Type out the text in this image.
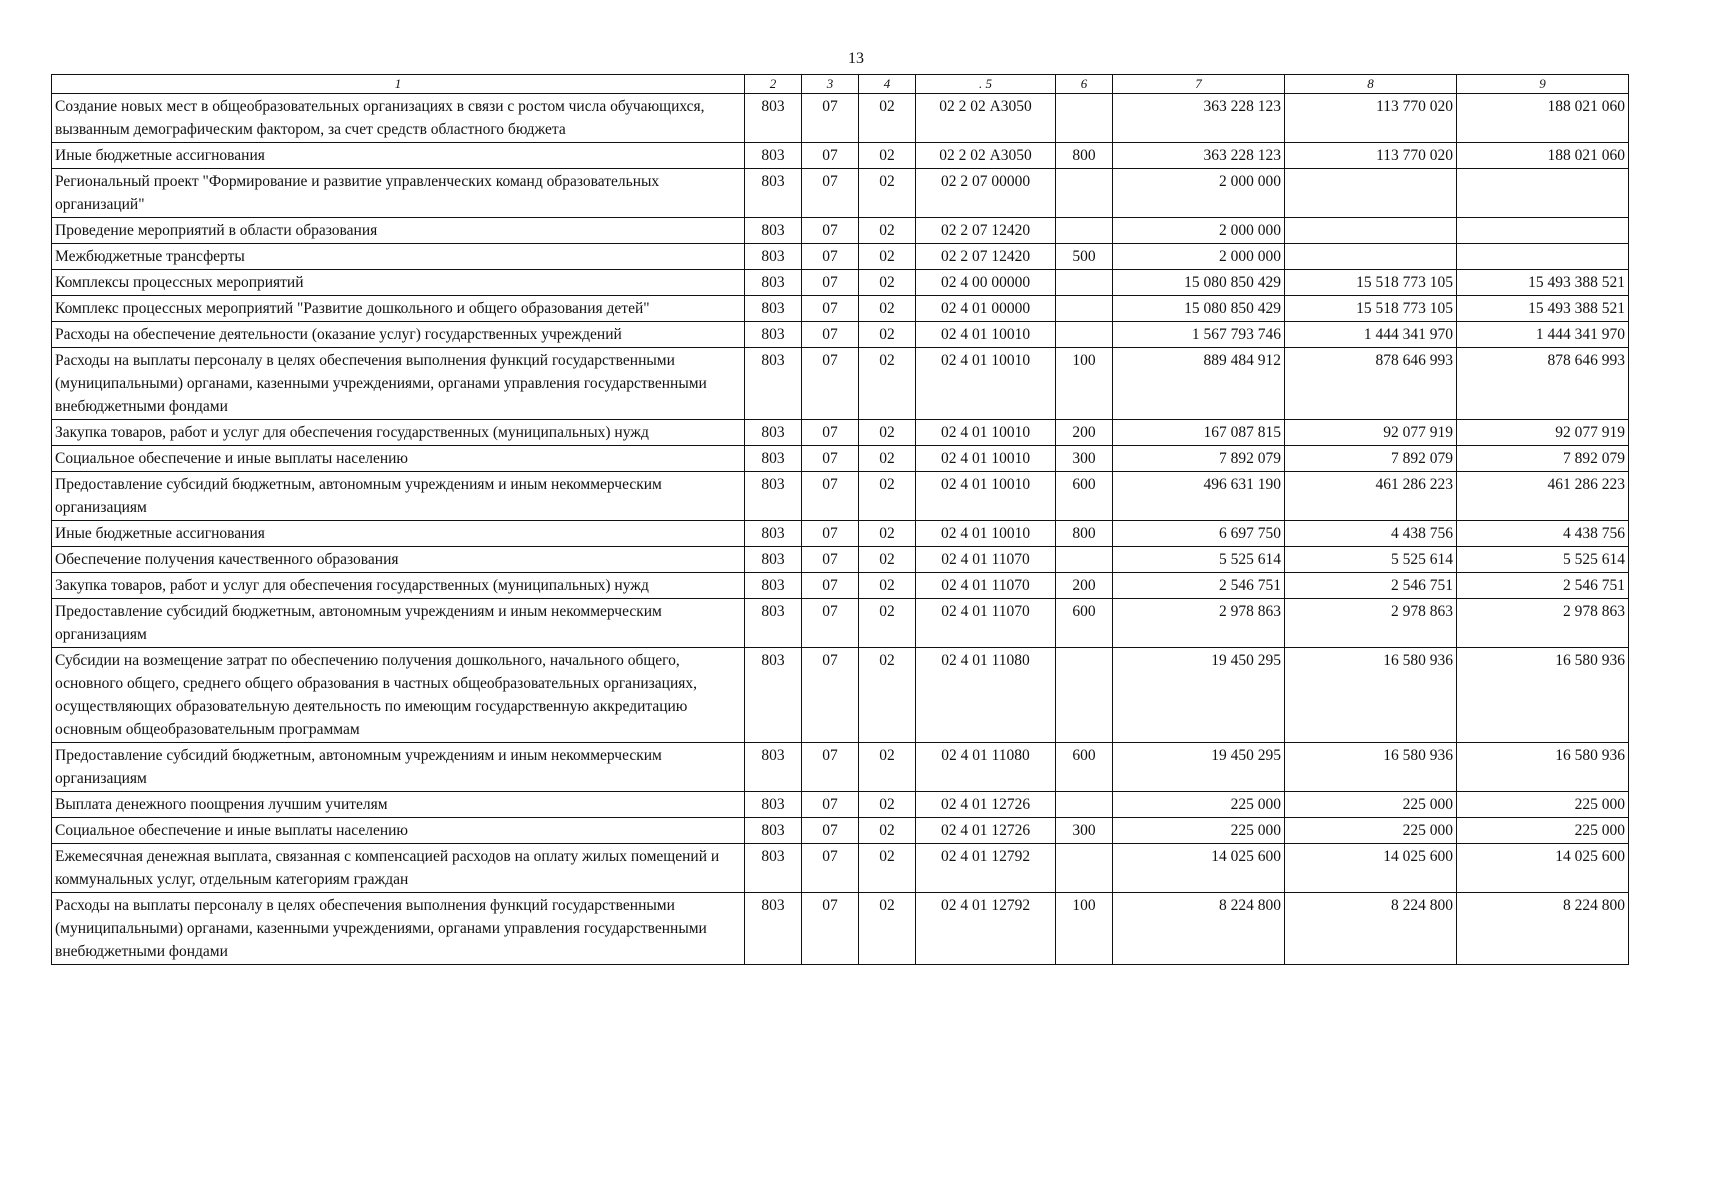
13
1	2	3	4	. 5	6	7	8	9
Создание новых мест в общеобразовательных организациях в связи с ростом числа обучающихся, вызванным демографическим фактором, за счет средств областного бюджета	803	07	02	02 2 02 А3050		363 228 123	113 770 020	188 021 060
Иные бюджетные ассигнования	803	07	02	02 2 02 А3050	800	363 228 123	113 770 020	188 021 060
Региональный проект "Формирование и развитие управленческих команд образовательных организаций"	803	07	02	02 2 07 00000		2 000 000		
Проведение мероприятий в области образования	803	07	02	02 2 07 12420		2 000 000		
Межбюджетные трансферты	803	07	02	02 2 07 12420	500	2 000 000		
Комплексы процессных мероприятий	803	07	02	02 4 00 00000		15 080 850 429	15 518 773 105	15 493 388 521
Комплекс процессных мероприятий "Развитие дошкольного и общего образования детей"	803	07	02	02 4 01 00000		15 080 850 429	15 518 773 105	15 493 388 521
Расходы на обеспечение деятельности (оказание услуг) государственных учреждений	803	07	02	02 4 01 10010		1 567 793 746	1 444 341 970	1 444 341 970
Расходы на выплаты персоналу в целях обеспечения выполнения функций государственными (муниципальными) органами, казенными учреждениями, органами управления государственными внебюджетными фондами	803	07	02	02 4 01 10010	100	889 484 912	878 646 993	878 646 993
Закупка товаров, работ и услуг для обеспечения государственных (муниципальных) нужд	803	07	02	02 4 01 10010	200	167 087 815	92 077 919	92 077 919
Социальное обеспечение и иные выплаты населению	803	07	02	02 4 01 10010	300	7 892 079	7 892 079	7 892 079
Предоставление субсидий бюджетным, автономным учреждениям и иным некоммерческим организациям	803	07	02	02 4 01 10010	600	496 631 190	461 286 223	461 286 223
Иные бюджетные ассигнования	803	07	02	02 4 01 10010	800	6 697 750	4 438 756	4 438 756
Обеспечение получения качественного образования	803	07	02	02 4 01 11070		5 525 614	5 525 614	5 525 614
Закупка товаров, работ и услуг для обеспечения государственных (муниципальных) нужд	803	07	02	02 4 01 11070	200	2 546 751	2 546 751	2 546 751
Предоставление субсидий бюджетным, автономным учреждениям и иным некоммерческим организациям	803	07	02	02 4 01 11070	600	2 978 863	2 978 863	2 978 863
Субсидии на возмещение затрат по обеспечению получения дошкольного, начального общего, основного общего, среднего общего образования в частных общеобразовательных организациях, осуществляющих образовательную деятельность по имеющим государственную аккредитацию основным общеобразовательным программам	803	07	02	02 4 01 11080		19 450 295	16 580 936	16 580 936
Предоставление субсидий бюджетным, автономным учреждениям и иным некоммерческим организациям	803	07	02	02 4 01 11080	600	19 450 295	16 580 936	16 580 936
Выплата денежного поощрения лучшим учителям	803	07	02	02 4 01 12726		225 000	225 000	225 000
Социальное обеспечение и иные выплаты населению	803	07	02	02 4 01 12726	300	225 000	225 000	225 000
Ежемесячная денежная выплата, связанная с компенсацией расходов на оплату жилых помещений и коммунальных услуг, отдельным категориям граждан	803	07	02	02 4 01 12792		14 025 600	14 025 600	14 025 600
Расходы на выплаты персоналу в целях обеспечения выполнения функций государственными (муниципальными) органами, казенными учреждениями, органами управления государственными внебюджетными фондами	803	07	02	02 4 01 12792	100	8 224 800	8 224 800	8 224 800
